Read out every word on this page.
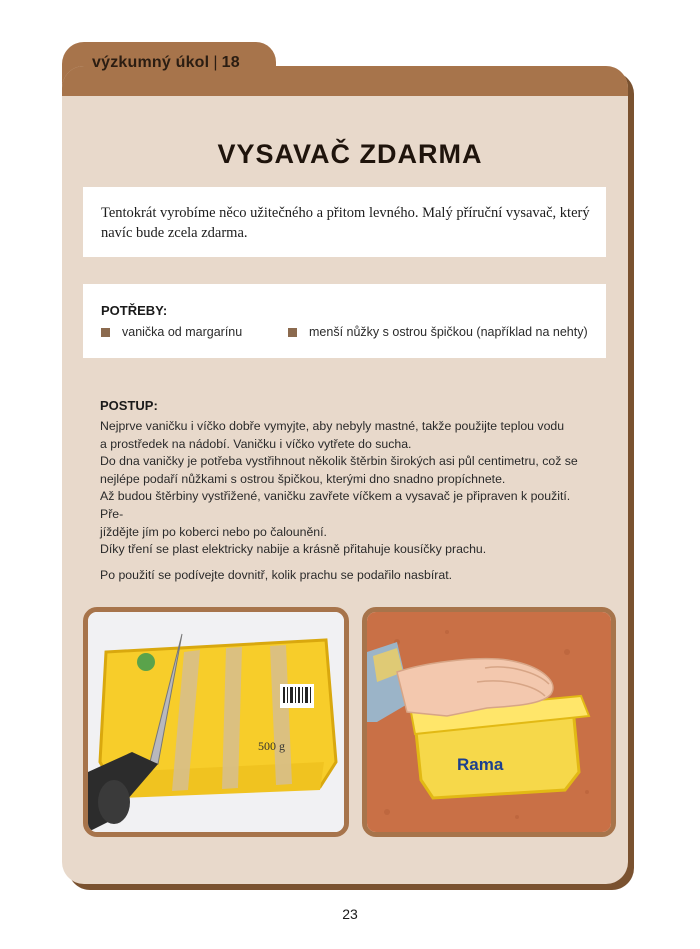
výzkumný úkol | 18
VYSAVAČ ZDARMA

Tentokrát vyrobíme něco užitečného a přitom levného. Malý příruční vysavač, který navíc bude zcela zdarma.

POTŘEBY:
vanička od margarínu	menší nůžky s ostrou špičkou (například na nehty)
POSTUP:

Nejprve vaničku i víčko dobře vymyjte, aby nebyly mastné, takže použijte teplou vodu

a prostředek na nádobí. Vaničku i víčko vytřete do sucha.

Do dna vaničky je potřeba vystřihnout několik štěrbin širokých asi půl centimetru, což se

nejlépe podaří nůžkami s ostrou špičkou, kterými dno snadno propíchnete.

Až budou štěrbiny vystřižené, vaničku zavřete víčkem a vysavač je připraven k použití. Pře-

jíždějte jím po koberci nebo po čalounění.

Díky tření se plast elektricky nabije a krásně přitahuje kousíčky prachu.

Po použití se podívejte dovnitř, kolik prachu se podařilo nasbírat.

500 g
Rama
23
